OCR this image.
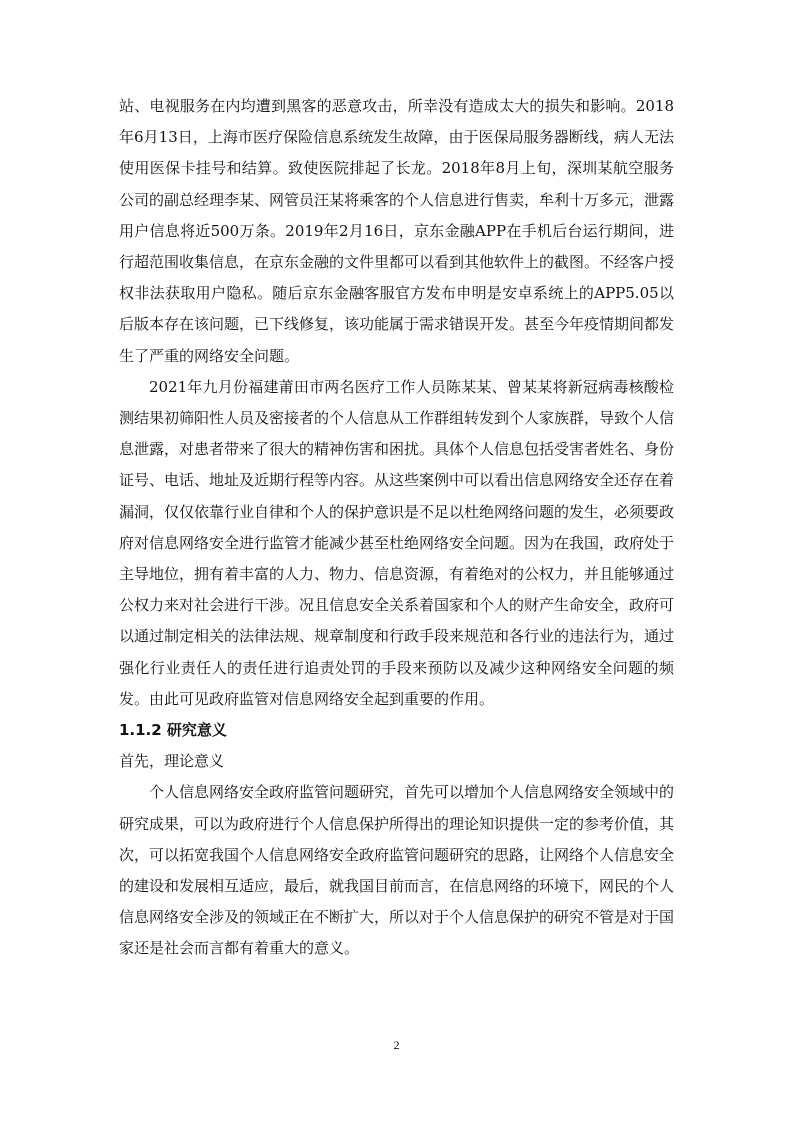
站、电视服务在内均遭到黑客的恶意攻击，所幸没有造成太大的损失和影响。2018年6月13日，上海市医疗保险信息系统发生故障，由于医保局服务器断线，病人无法使用医保卡挂号和结算。致使医院排起了长龙。2018年8月上旬，深圳某航空服务公司的副总经理李某、网管员汪某将乘客的个人信息进行售卖，牟利十万多元，泄露用户信息将近500万条。2019年2月16日，京东金融APP在手机后台运行期间，进行超范围收集信息，在京东金融的文件里都可以看到其他软件上的截图。不经客户授权非法获取用户隐私。随后京东金融客服官方发布申明是安卓系统上的APP5.05以后版本存在该问题，已下线修复，该功能属于需求错误开发。甚至今年疫情期间都发生了严重的网络安全问题。

2021年九月份福建莆田市两名医疗工作人员陈某某、曾某某将新冠病毒核酸检测结果初筛阳性人员及密接者的个人信息从工作群组转发到个人家族群，导致个人信息泄露，对患者带来了很大的精神伤害和困扰。具体个人信息包括受害者姓名、身份证号、电话、地址及近期行程等内容。从这些案例中可以看出信息网络安全还存在着漏洞，仅仅依靠行业自律和个人的保护意识是不足以杜绝网络问题的发生，必须要政府对信息网络安全进行监管才能减少甚至杜绝网络安全问题。因为在我国，政府处于主导地位，拥有着丰富的人力、物力、信息资源，有着绝对的公权力，并且能够通过公权力来对社会进行干涉。况且信息安全关系着国家和个人的财产生命安全，政府可以通过制定相关的法律法规、规章制度和行政手段来规范和各行业的违法行为，通过强化行业责任人的责任进行追责处罚的手段来预防以及减少这种网络安全问题的频发。由此可见政府监管对信息网络安全起到重要的作用。

1.1.2 研究意义

首先，理论意义

个人信息网络安全政府监管问题研究，首先可以增加个人信息网络安全领域中的研究成果，可以为政府进行个人信息保护所得出的理论知识提供一定的参考价值，其次，可以拓宽我国个人信息网络安全政府监管问题研究的思路，让网络个人信息安全的建设和发展相互适应，最后，就我国目前而言，在信息网络的环境下，网民的个人信息网络安全涉及的领域正在不断扩大，所以对于个人信息保护的研究不管是对于国家还是社会而言都有着重大的意义。

2
